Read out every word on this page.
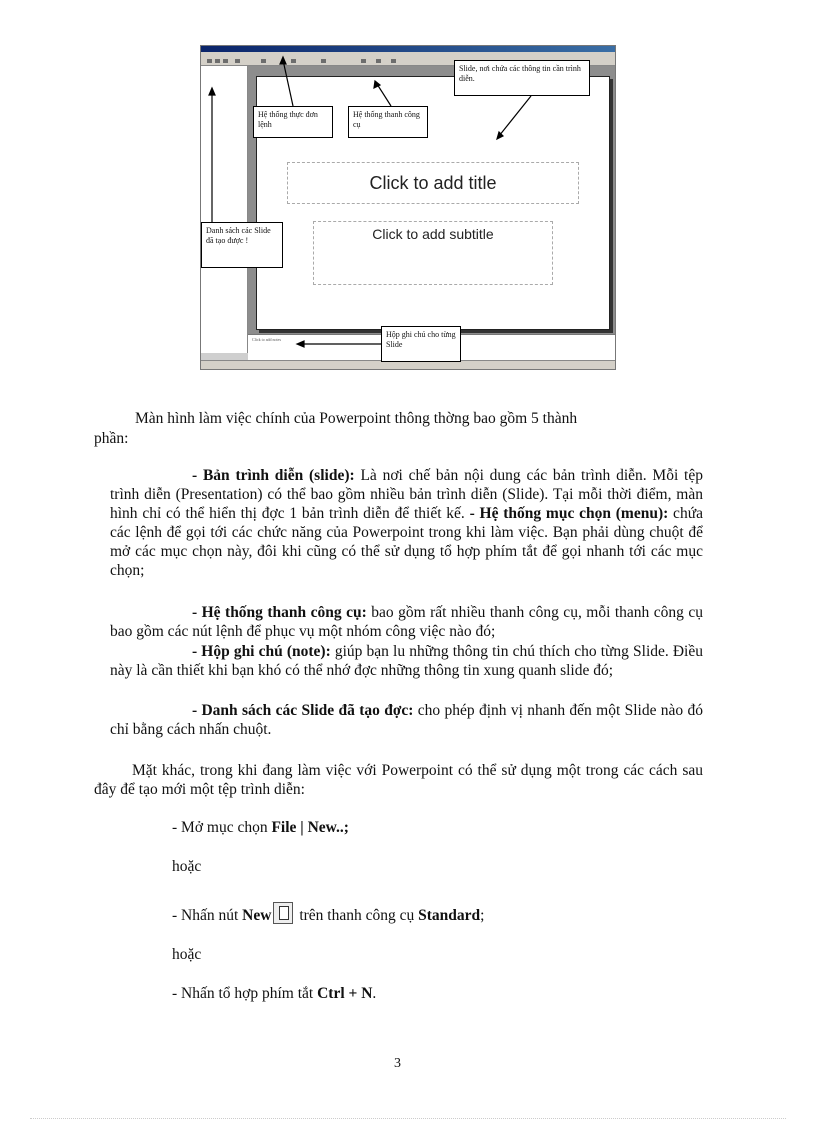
Click to add title
Click to add subtitle
Click to add notes
Hệ thống thực đơn lệnh
Hệ thống thanh công cụ
Slide, nơi chứa các thông tin cần trình diễn.
Danh sách các Slide đã tạo được !
Hộp ghi chú cho từng Slide

Màn hình làm việc chính của Powerpoint thông thờng bao gồm 5 thành

phần:

- Bản trình diễn (slide): Là nơi chế bản nội dung các bản trình diễn. Mỗi tệp trình diễn (Presentation) có thể bao gồm nhiều bản trình diễn (Slide). Tại mỗi thời điểm, màn hình chỉ có thể hiển thị đợc 1 bản trình diễn để thiết kế. - Hệ thống mục chọn (menu): chứa các lệnh để gọi tới các chức năng của Powerpoint trong khi làm việc. Bạn phải dùng chuột để mở các mục chọn này, đôi khi cũng có thể sử dụng tổ hợp phím tắt để gọi nhanh tới các mục chọn;

- Hệ thống thanh công cụ: bao gồm rất nhiều thanh công cụ, mỗi thanh công cụ bao gồm các nút lệnh để phục vụ một nhóm công việc nào đó;

- Hộp ghi chú (note): giúp bạn lu những thông tin chú thích cho từng Slide. Điều này là cần thiết khi bạn khó có thể nhớ đợc những thông tin xung quanh slide đó;

- Danh sách các Slide đã tạo đợc: cho phép định vị nhanh đến một Slide nào đó chỉ bằng cách nhấn chuột.

Mặt khác, trong khi đang làm việc với Powerpoint có thể sử dụng một trong các cách sau đây để tạo mới một tệp trình diễn:

- Mở mục chọn File | New..;

hoặc

- Nhấn nút New trên thanh công cụ Standard;

hoặc

- Nhấn tổ hợp phím tắt Ctrl + N.

3
